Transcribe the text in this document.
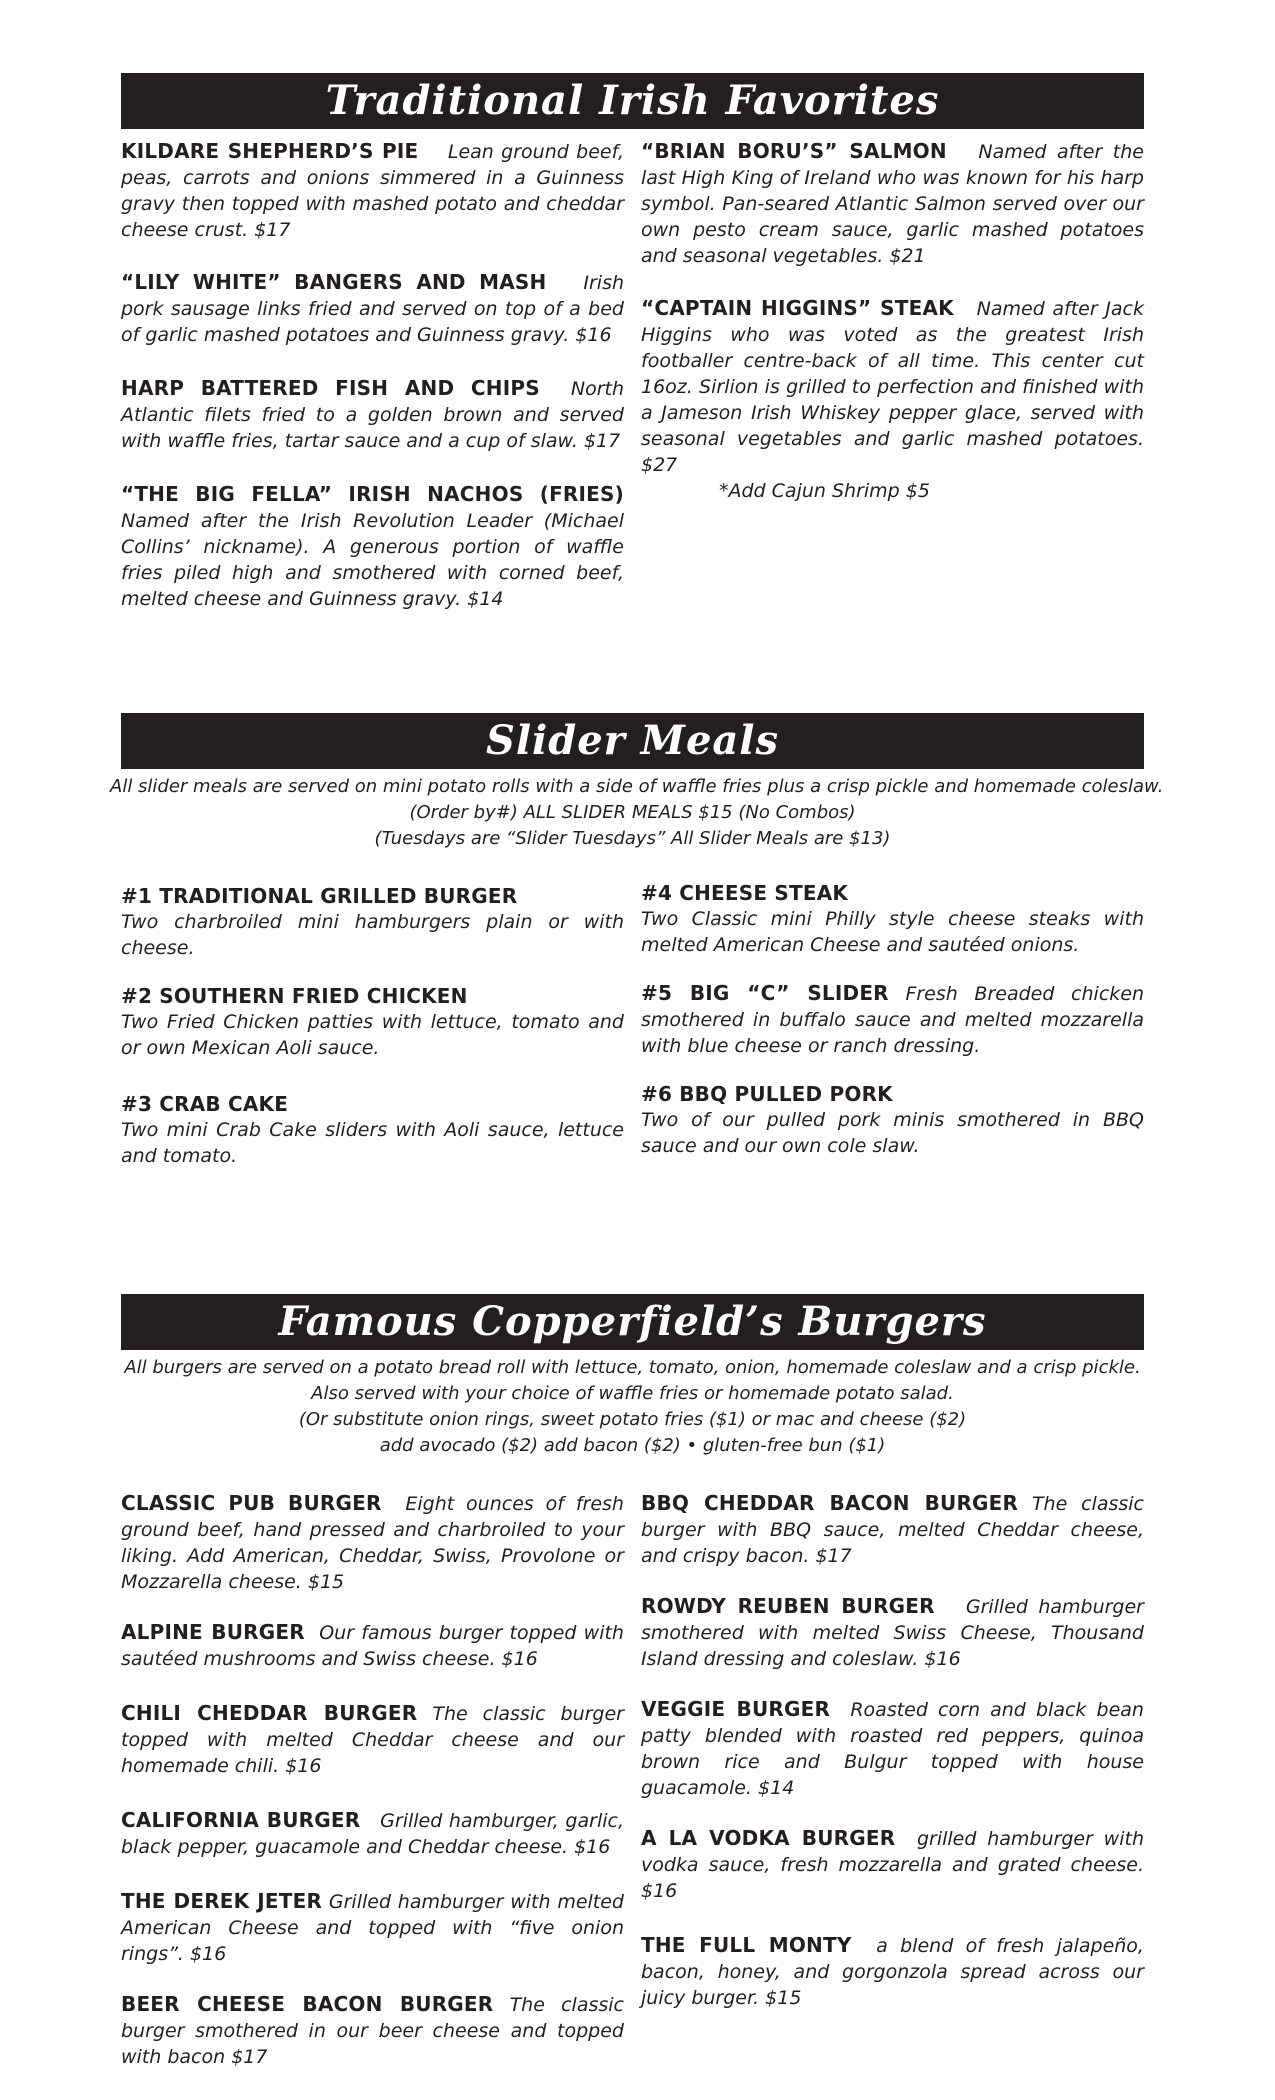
Traditional Irish Favorites
KILDARE SHEPHERD’S PIE Lean ground beef, peas, carrots and onions simmered in a Guinness gravy then topped with mashed potato and cheddar cheese crust. $17
“LILY WHITE” BANGERS AND MASH Irish pork sausage links fried and served on top of a bed of garlic mashed potatoes and Guinness gravy. $16
HARP BATTERED FISH AND CHIPS North Atlantic filets fried to a golden brown and served with waffle fries, tartar sauce and a cup of slaw. $17
“THE BIG FELLA” IRISH NACHOS (FRIES) Named after the Irish Revolution Leader (Michael Collins’ nickname). A generous portion of waffle fries piled high and smothered with corned beef, melted cheese and Guinness gravy. $14
“BRIAN BORU’S” SALMON Named after the last High King of Ireland who was known for his harp symbol. Pan-seared Atlantic Salmon served over our own pesto cream sauce, garlic mashed potatoes and seasonal vegetables. $21
“CAPTAIN HIGGINS” STEAK Named after Jack Higgins who was voted as the greatest Irish footballer centre-back of all time. This center cut 16oz. Sirlion is grilled to perfection and finished with a Jameson Irish Whiskey pepper glace, served with seasonal vegetables and garlic mashed potatoes. $27
*Add Cajun Shrimp $5
Slider Meals
All slider meals are served on mini potato rolls with a side of waffle fries plus a crisp pickle and homemade coleslaw.
(Order by#) ALL SLIDER MEALS $15 (No Combos)
(Tuesdays are “Slider Tuesdays” All Slider Meals are $13)
#1 TRADITIONAL GRILLED BURGER
Two charbroiled mini hamburgers plain or with cheese.
#2 SOUTHERN FRIED CHICKEN
Two Fried Chicken patties with lettuce, tomato and or own Mexican Aoli sauce.
#3 CRAB CAKE
Two mini Crab Cake sliders with Aoli sauce, lettuce and tomato.
#4 CHEESE STEAK
Two Classic mini Philly style cheese steaks with melted American Cheese and sautéed onions.
#5 BIG “C” SLIDER Fresh Breaded chicken smothered in buffalo sauce and melted mozzarella with blue cheese or ranch dressing.
#6 BBQ PULLED PORK
Two of our pulled pork minis smothered in BBQ sauce and our own cole slaw.
Famous Copperfield’s Burgers
All burgers are served on a potato bread roll with lettuce, tomato, onion, homemade coleslaw and a crisp pickle.
Also served with your choice of waffle fries or homemade potato salad.
(Or substitute onion rings, sweet potato fries ($1) or mac and cheese ($2)
add avocado ($2) add bacon ($2) • gluten-free bun ($1)
CLASSIC PUB BURGER Eight ounces of fresh ground beef, hand pressed and charbroiled to your liking. Add American, Cheddar, Swiss, Provolone or Mozzarella cheese. $15
ALPINE BURGER Our famous burger topped with sautéed mushrooms and Swiss cheese. $16
CHILI CHEDDAR BURGER The classic burger topped with melted Cheddar cheese and our homemade chili. $16
CALIFORNIA BURGER Grilled hamburger, garlic, black pepper, guacamole and Cheddar cheese. $16
THE DEREK JETER Grilled hamburger with melted American Cheese and topped with “five onion rings”. $16
BEER CHEESE BACON BURGER The classic burger smothered in our beer cheese and topped with bacon $17
BBQ CHEDDAR BACON BURGER The classic burger with BBQ sauce, melted Cheddar cheese, and crispy bacon. $17
ROWDY REUBEN BURGER Grilled hamburger smothered with melted Swiss Cheese, Thousand Island dressing and coleslaw. $16
VEGGIE BURGER Roasted corn and black bean patty blended with roasted red peppers, quinoa brown rice and Bulgur topped with house guacamole. $14
A LA VODKA BURGER grilled hamburger with vodka sauce, fresh mozzarella and grated cheese. $16
THE FULL MONTY a blend of fresh jalapeño, bacon, honey, and gorgonzola spread across our juicy burger. $15
